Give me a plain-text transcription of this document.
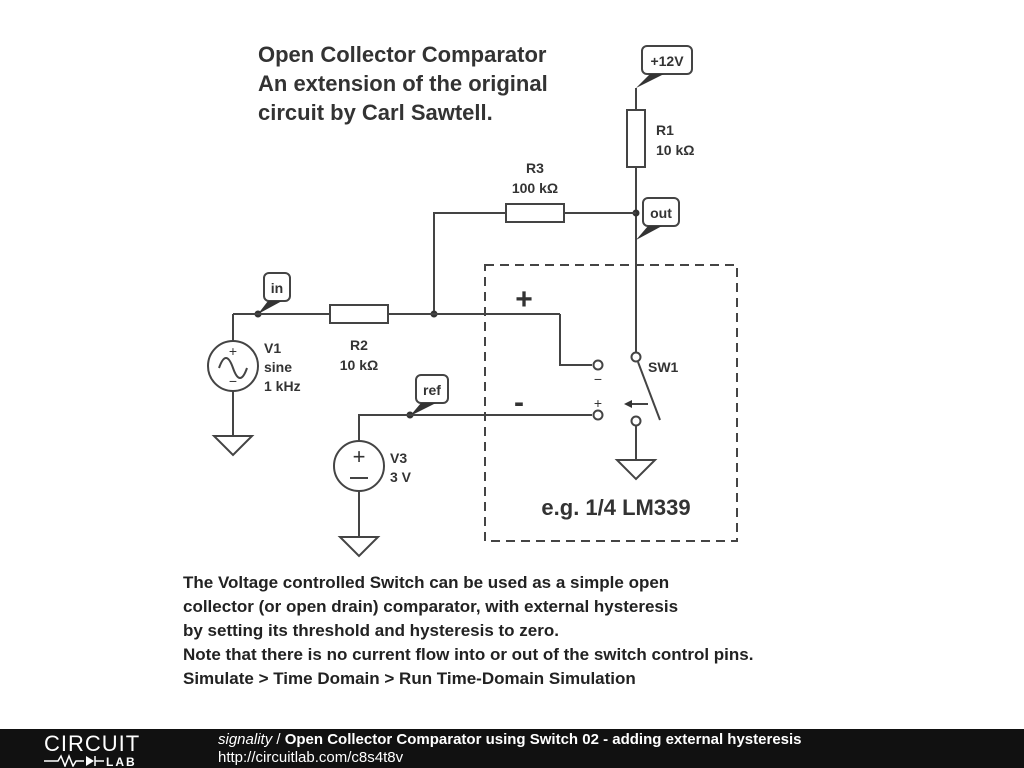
Open Collector Comparator
An extension of the original
circuit by Carl Sawtell.
+12V
R1
10 kΩ
out
R3
100 kΩ
in
R2
10 kΩ
+
−
V1
sine
1 kHz	ref
+ V3
3 V
+
-
e.g. 1/4 LM339
−
+
SW1
The Voltage controlled Switch can be used as a simple open
collector (or open drain) comparator, with external hysteresis
by setting its threshold and hysteresis to zero.
Note that there is no current flow into or out of the switch control pins.
Simulate > Time Domain > Run Time-Domain Simulation
CIRCUIT
LAB
signality / Open Collector Comparator using Switch 02 - adding external hysteresis
http://circuitlab.com/c8s4t8v
